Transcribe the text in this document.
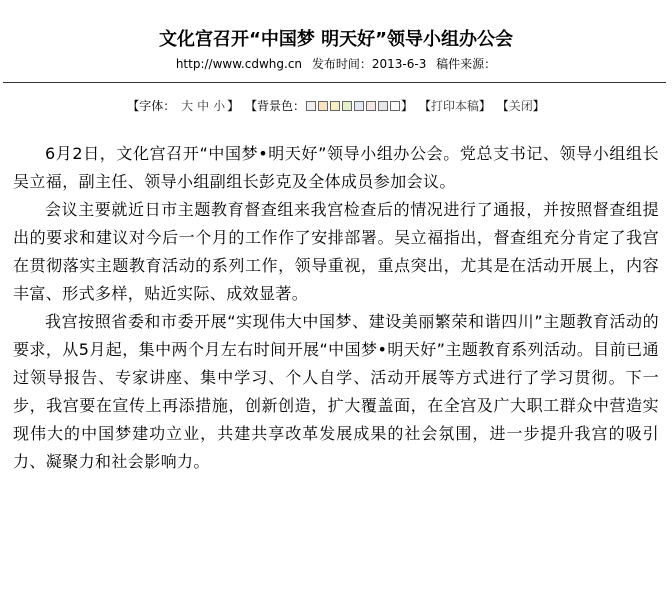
文化宫召开“中国梦 明天好”领导小组办公会
http://www.cdwhg.cn 发布时间：2013-6-3 稿件来源：
【字体： 大 中 小 】 【背景色：	】 【打印本稿】 【关闭】

6月2日，文化宫召开“中国梦•明天好”领导小组办公会。党总支书记、领导小组组长吴立福，副主任、领导小组副组长彭克及全体成员参加会议。

会议主要就近日市主题教育督查组来我宫检查后的情况进行了通报，并按照督查组提出的要求和建议对今后一个月的工作作了安排部署。吴立福指出，督查组充分肯定了我宫在贯彻落实主题教育活动的系列工作，领导重视，重点突出，尤其是在活动开展上，内容丰富、形式多样，贴近实际、成效显著。

我宫按照省委和市委开展“实现伟大中国梦、建设美丽繁荣和谐四川”主题教育活动的要求，从5月起，集中两个月左右时间开展“中国梦•明天好”主题教育系列活动。目前已通过领导报告、专家讲座、集中学习、个人自学、活动开展等方式进行了学习贯彻。下一步，我宫要在宣传上再添措施，创新创造，扩大覆盖面，在全宫及广大职工群众中营造实现伟大的中国梦建功立业，共建共享改革发展成果的社会氛围，进一步提升我宫的吸引力、凝聚力和社会影响力。
